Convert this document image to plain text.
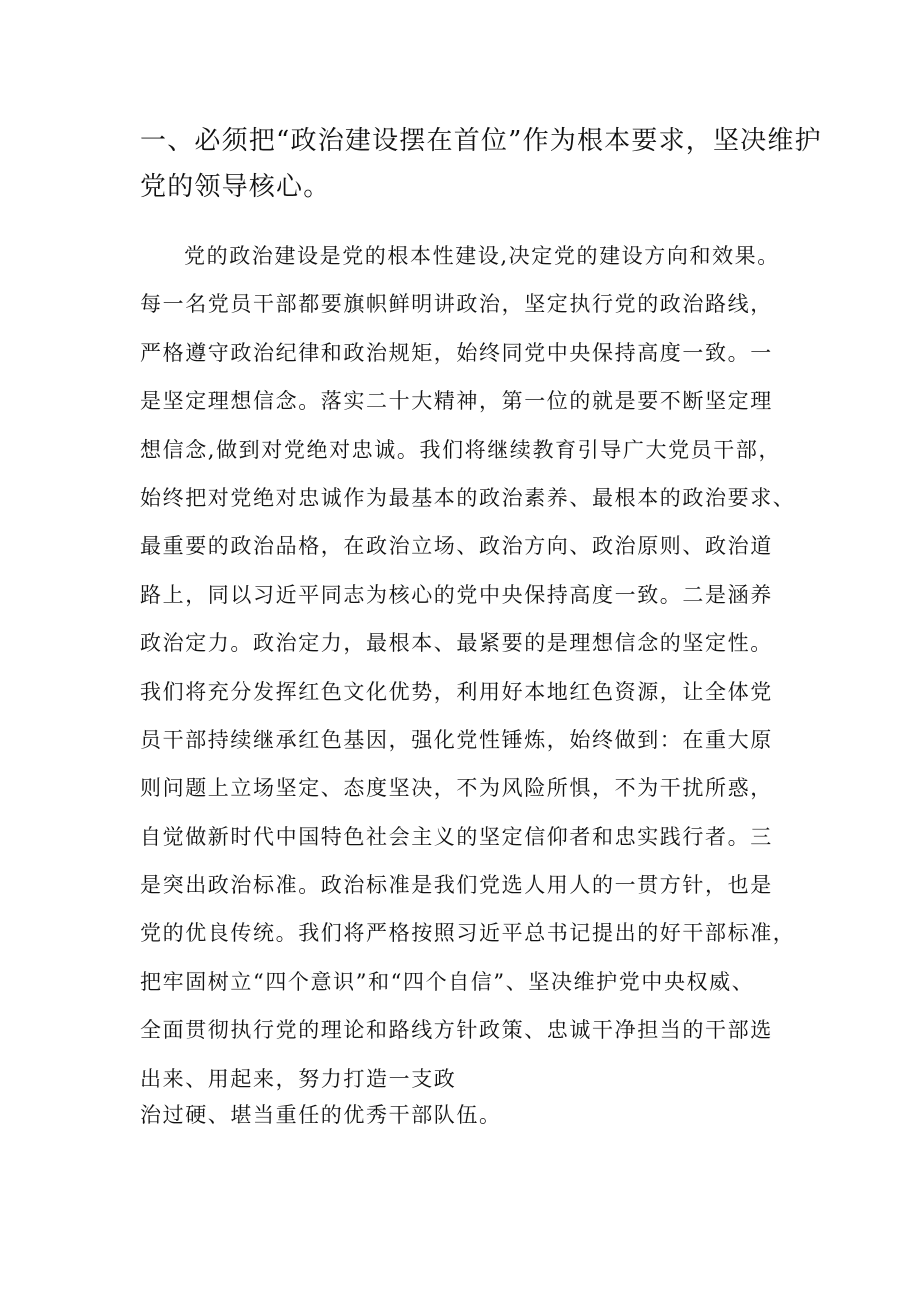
一、必须把“政治建设摆在首位”作为根本要求，坚决维护
党的领导核心。
党的政治建设是党的根本性建设,决定党的建设方向和效果。
每一名党员干部都要旗帜鲜明讲政治，坚定执行党的政治路线，
严格遵守政治纪律和政治规矩，始终同党中央保持高度一致。一
是坚定理想信念。落实二十大精神，第一位的就是要不断坚定理
想信念,做到对党绝对忠诚。我们将继续教育引导广大党员干部，
始终把对党绝对忠诚作为最基本的政治素养、最根本的政治要求、
最重要的政治品格，在政治立场、政治方向、政治原则、政治道
路上，同以习近平同志为核心的党中央保持高度一致。二是涵养
政治定力。政治定力，最根本、最紧要的是理想信念的坚定性。
我们将充分发挥红色文化优势，利用好本地红色资源，让全体党
员干部持续继承红色基因，强化党性锤炼，始终做到：在重大原
则问题上立场坚定、态度坚决，不为风险所惧，不为干扰所惑，
自觉做新时代中国特色社会主义的坚定信仰者和忠实践行者。三
是突出政治标准。政治标准是我们党选人用人的一贯方针，也是
党的优良传统。我们将严格按照习近平总书记提出的好干部标准，
把牢固树立“四个意识”和“四个自信”、坚决维护党中央权威、
全面贯彻执行党的理论和路线方针政策、忠诚干净担当的干部选
出来、用起来，努力打造一支政
治过硬、堪当重任的优秀干部队伍。
